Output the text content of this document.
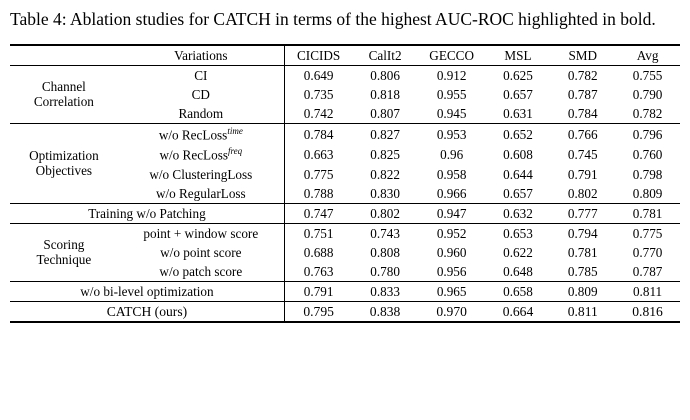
Table 4: Ablation studies for CATCH in terms of the highest AUC-ROC highlighted in bold.

	Variations	CICIDS	CalIt2	GECCO	MSL	SMD	Avg
Channel
Correlation	CI	0.649	0.806	0.912	0.625	0.782	0.755
	CD	0.735	0.818	0.955	0.657	0.787	0.790
	Random	0.742	0.807	0.945	0.631	0.784	0.782
Optimization
Objectives	w/o RecLoss$^{time}$	0.784	0.827	0.953	0.652	0.766	0.796
	w/o RecLoss$^{freq}$	0.663	0.825	0.96	0.608	0.745	0.760
	w/o ClusteringLoss	0.775	0.822	0.958	0.644	0.791	0.798
	w/o RegularLoss	0.788	0.830	0.966	0.657	0.802	0.809
Training w/o Patching		0.747	0.802	0.947	0.632	0.777	0.781
Scoring
Technique	point + window score	0.751	0.743	0.952	0.653	0.794	0.775
	w/o point score	0.688	0.808	0.960	0.622	0.781	0.770
	w/o patch score	0.763	0.780	0.956	0.648	0.785	0.787
w/o bi-level optimization		0.791	0.833	0.965	0.658	0.809	0.811
CATCH (ours)		0.795	0.838	0.970	0.664	0.811	0.816
